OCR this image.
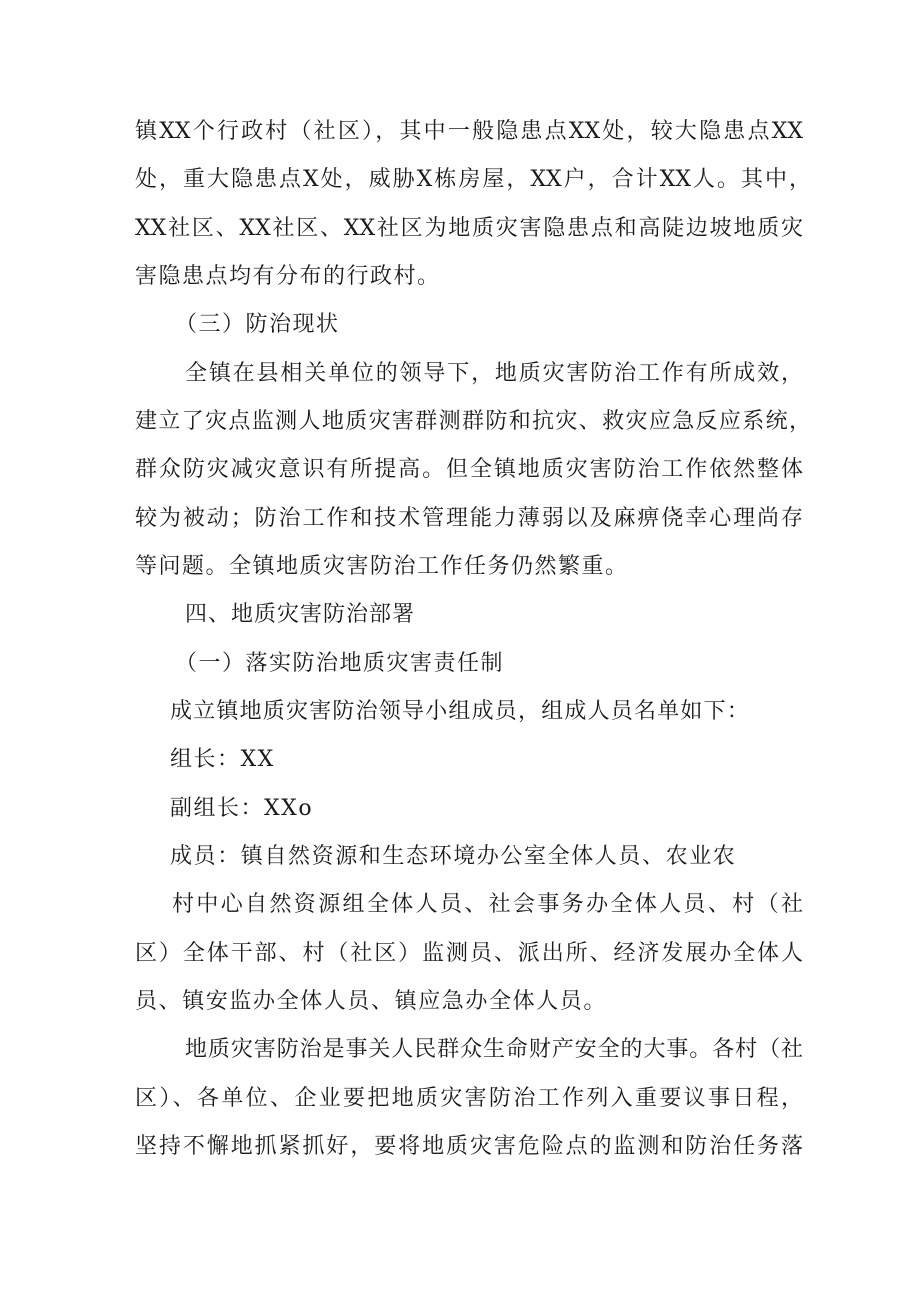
镇XX个行政村（社区），其中一般隐患点XX处，较大隐患点XX
处，重大隐患点X处，威胁X栋房屋，XX户，合计XX人。其中，
XX社区、XX社区、XX社区为地质灾害隐患点和高陡边坡地质灾
害隐患点均有分布的行政村。
（三）防治现状
全镇在县相关单位的领导下，地质灾害防治工作有所成效，
建立了灾点监测人地质灾害群测群防和抗灾、救灾应急反应系统，
群众防灾减灾意识有所提高。但全镇地质灾害防治工作依然整体
较为被动；防治工作和技术管理能力薄弱以及麻痹侥幸心理尚存
等问题。全镇地质灾害防治工作任务仍然繁重。
四、地质灾害防治部署
（一）落实防治地质灾害责任制
成立镇地质灾害防治领导小组成员，组成人员名单如下：
组长：XX
副组长：XXo
成员：镇自然资源和生态环境办公室全体人员、农业农
村中心自然资源组全体人员、社会事务办全体人员、村（社
区）全体干部、村（社区）监测员、派出所、经济发展办全体人
员、镇安监办全体人员、镇应急办全体人员。
地质灾害防治是事关人民群众生命财产安全的大事。各村（社
区）、各单位、企业要把地质灾害防治工作列入重要议事日程，
坚持不懈地抓紧抓好，要将地质灾害危险点的监测和防治任务落
